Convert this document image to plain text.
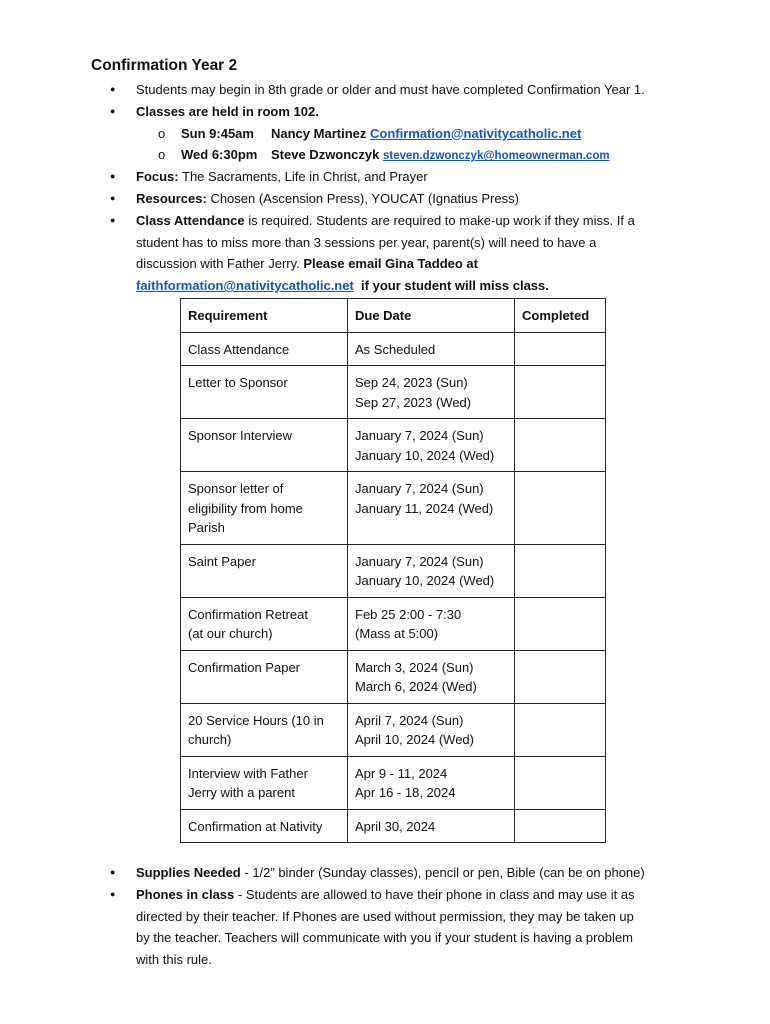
Confirmation Year 2
● Students may begin in 8th grade or older and must have completed Confirmation Year 1.
● Classes are held in room 102.
o Sun 9:45am Nancy Martinez Confirmation@nativitycatholic.net
o Wed 6:30pm Steve Dzwonczyk steven.dzwonczyk@homeownerman.com
● Focus: The Sacraments, Life in Christ, and Prayer
● Resources: Chosen (Ascension Press), YOUCAT (Ignatius Press)
● Class Attendance is required. Students are required to make-up work if they miss. If a
student has to miss more than 3 sessions per year, parent(s) will need to have a
discussion with Father Jerry. Please email Gina Taddeo at
faithformation@nativitycatholic.net if your student will miss class.
Requirement	Due Date	Completed
Class Attendance	As Scheduled	
Letter to Sponsor	Sep 24, 2023 (Sun)
Sep 27, 2023 (Wed)	
Sponsor Interview	January 7, 2024 (Sun)
January 10, 2024 (Wed)	
Sponsor letter of
eligibility from home
Parish	January 7, 2024 (Sun)
January 11, 2024 (Wed)	
Saint Paper	January 7, 2024 (Sun)
January 10, 2024 (Wed)	
Confirmation Retreat
(at our church)	Feb 25 2:00 - 7:30
(Mass at 5:00)	
Confirmation Paper	March 3, 2024 (Sun)
March 6, 2024 (Wed)	
20 Service Hours (10 in
church)	April 7, 2024 (Sun)
April 10, 2024 (Wed)	
Interview with Father
Jerry with a parent	Apr 9 - 11, 2024
Apr 16 - 18, 2024	
Confirmation at Nativity	April 30, 2024	
● Supplies Needed - 1/2” binder (Sunday classes), pencil or pen, Bible (can be on phone)
● Phones in class - Students are allowed to have their phone in class and may use it as
directed by their teacher. If Phones are used without permission, they may be taken up
by the teacher. Teachers will communicate with you if your student is having a problem
with this rule.
